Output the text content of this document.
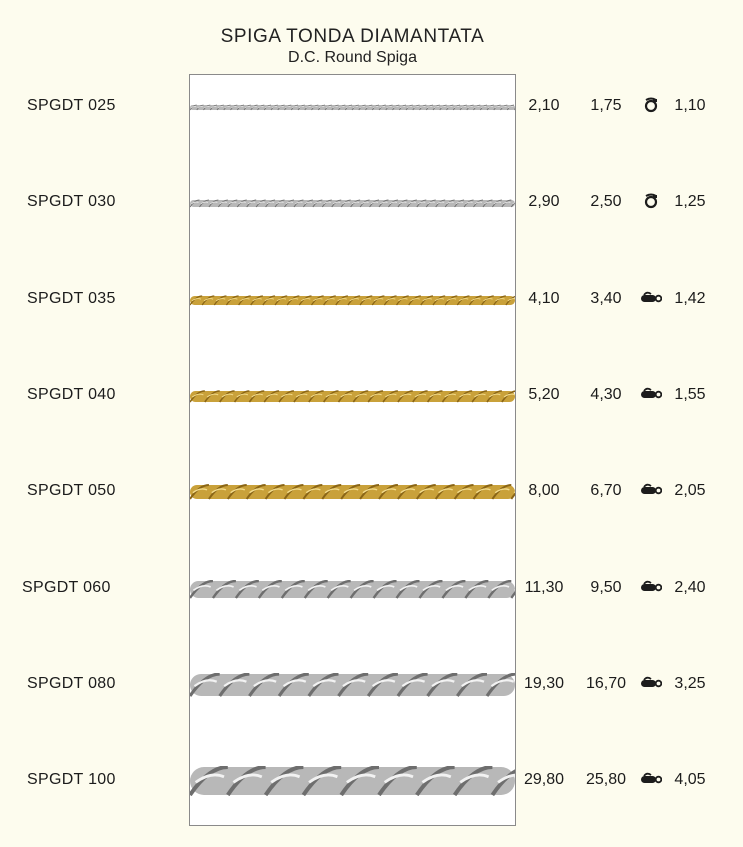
SPIGA TONDA DIAMANTATA
D.C. Round Spiga
SPGDT 025	2,10 1,75	1,10
SPGDT 030	2,90 2,50	1,25
SPGDT 035	4,10 3,40	1,42
SPGDT 040	5,20 4,30	1,55
SPGDT 050	8,00 6,70	2,05
SPGDT 060	11,30 9,50	2,40
SPGDT 080	19,30 16,70	3,25
SPGDT 100	29,80 25,80	4,05
